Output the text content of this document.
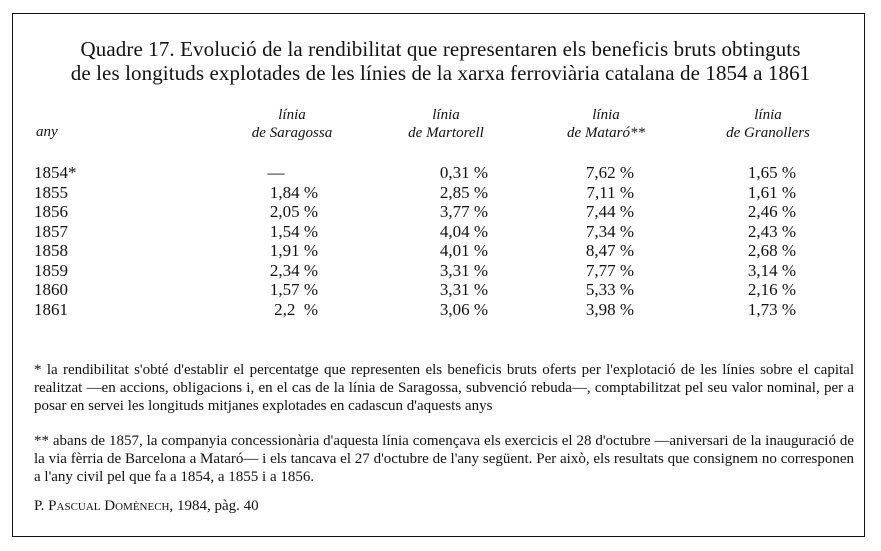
Quadre 17. Evolució de la rendibilitat que representaren els beneficis bruts obtinguts
de les longituds explotades de les línies de la xarxa ferroviària catalana de 1854 a 1861
any
línia
de Saragossa
línia
de Martorell
línia
de Mataró**
línia
de Granollers
1854*	—	0,31 %	7,62 %	1,65 %
1855	1,84 %	2,85 %	7,11 %	1,61 %
1856	2,05 %	3,77 %	7,44 %	2,46 %
1857	1,54 %	4,04 %	7,34 %	2,43 %
1858	1,91 %	4,01 %	8,47 %	2,68 %
1859	2,34 %	3,31 %	7,77 %	3,14 %
1860	1,57 %	3,31 %	5,33 %	2,16 %
1861	2,2  %	3,06 %	3,98 %	1,73 %
* la rendibilitat s'obté d'establir el percentatge que representen els beneficis bruts oferts per l'explotació de les línies sobre el capital realitzat —en accions, obligacions i, en el cas de la línia de Saragossa, subvenció rebuda—, comptabilitzat pel seu valor nominal, per a posar en servei les longituds mitjanes explotades en cadascun d'aquests anys
** abans de 1857, la companyia concessionària d'aquesta línia començava els exercicis el 28 d'octubre —aniversari de la inauguració de la via fèrria de Barcelona a Mataró— i els tancava el 27 d'octubre de l'any següent. Per això, els resultats que consignem no corresponen a l'any civil pel que fa a 1854, a 1855 i a 1856.
P. Pascual Domènech, 1984, pàg. 40
